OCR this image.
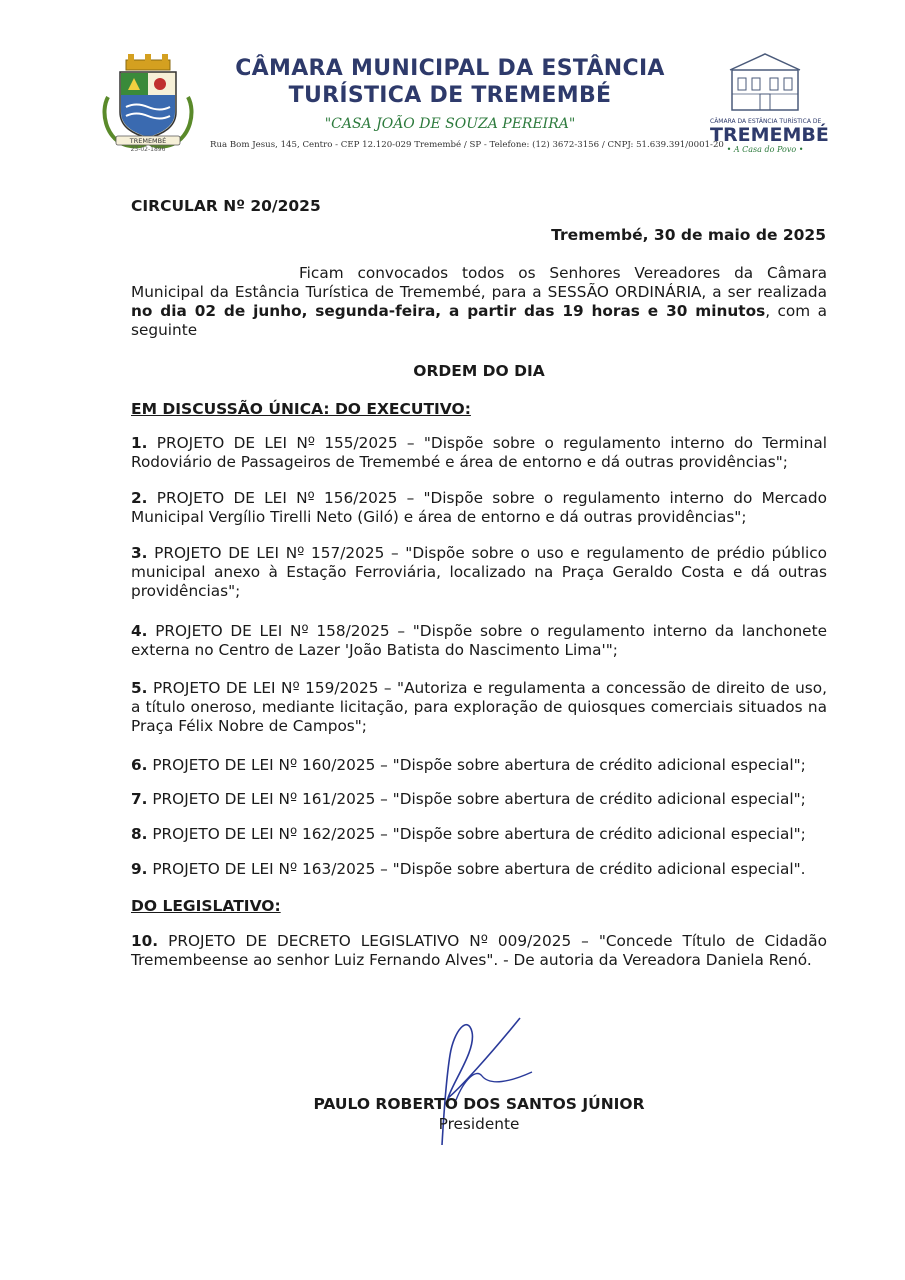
TREMEMBÉ
23-02-1896
CÂMARA MUNICIPAL DA ESTÂNCIA
TURÍSTICA DE TREMEMBÉ
"CASA JOÃO DE SOUZA PEREIRA"
Rua Bom Jesus, 145, Centro - CEP 12.120-029 Tremembé / SP - Telefone: (12) 3672-3156 / CNPJ: 51.639.391/0001-20
CÂMARA DA ESTÂNCIA TURÍSTICA DE
TREMEMBÉ
• A Casa do Povo •
CIRCULAR Nº 20/2025
Tremembé, 30 de maio de 2025
Ficam convocados todos os Senhores Vereadores da Câmara Municipal da Estância Turística de Tremembé, para a SESSÃO ORDINÁRIA, a ser realizada no dia 02 de junho, segunda-feira, a partir das 19 horas e 30 minutos, com a seguinte
ORDEM DO DIA
EM DISCUSSÃO ÚNICA: DO EXECUTIVO:
1. PROJETO DE LEI Nº 155/2025 – "Dispõe sobre o regulamento interno do Terminal Rodoviário de Passageiros de Tremembé e área de entorno e dá outras providências";
2. PROJETO DE LEI Nº 156/2025 – "Dispõe sobre o regulamento interno do Mercado Municipal Vergílio Tirelli Neto (Giló) e área de entorno e dá outras providências";
3. PROJETO DE LEI Nº 157/2025 – "Dispõe sobre o uso e regulamento de prédio público municipal anexo à Estação Ferroviária, localizado na Praça Geraldo Costa e dá outras providências";
4. PROJETO DE LEI Nº 158/2025 – "Dispõe sobre o regulamento interno da lanchonete externa no Centro de Lazer 'João Batista do Nascimento Lima'";
5. PROJETO DE LEI Nº 159/2025 – "Autoriza e regulamenta a concessão de direito de uso, a título oneroso, mediante licitação, para exploração de quiosques comerciais situados na Praça Félix Nobre de Campos";
6. PROJETO DE LEI Nº 160/2025 – "Dispõe sobre abertura de crédito adicional especial";
7. PROJETO DE LEI Nº 161/2025 – "Dispõe sobre abertura de crédito adicional especial";
8. PROJETO DE LEI Nº 162/2025 – "Dispõe sobre abertura de crédito adicional especial";
9. PROJETO DE LEI Nº 163/2025 – "Dispõe sobre abertura de crédito adicional especial".
DO LEGISLATIVO:
10. PROJETO DE DECRETO LEGISLATIVO Nº 009/2025 – "Concede Título de Cidadão Tremembeense ao senhor Luiz Fernando Alves". - De autoria da Vereadora Daniela Renó.
PAULO ROBERTO DOS SANTOS JÚNIOR
Presidente
